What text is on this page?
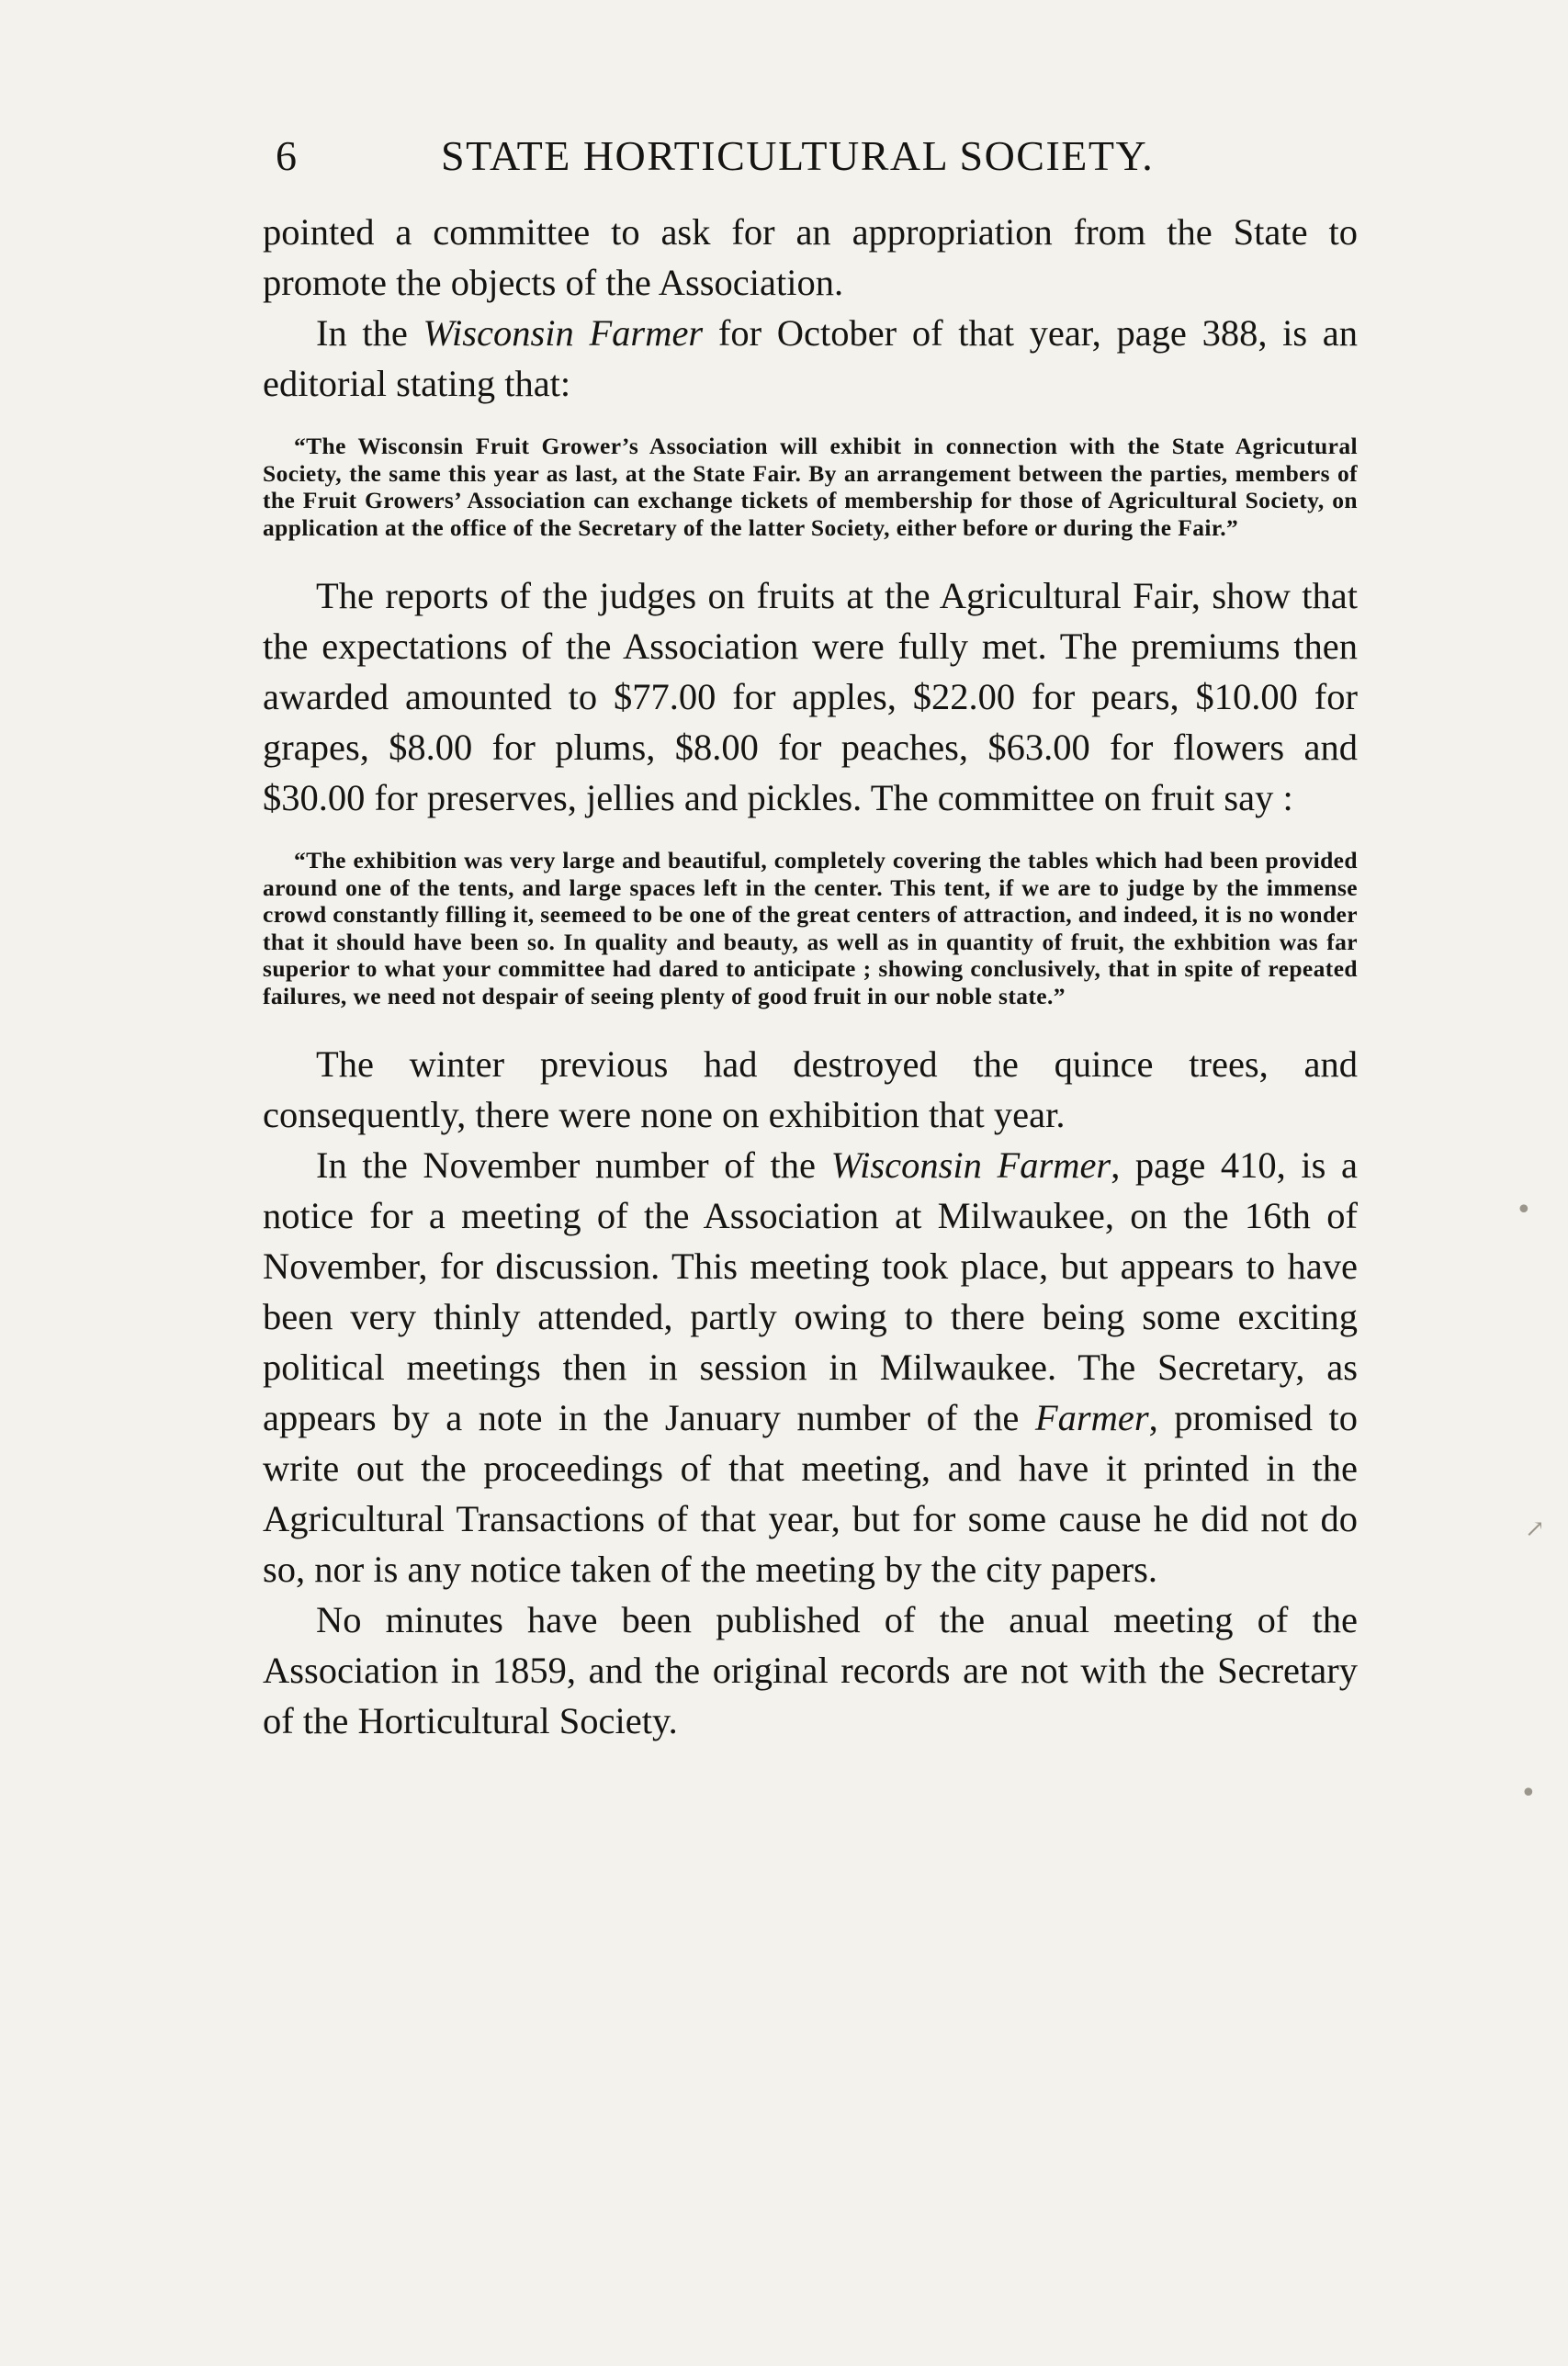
6	STATE HORTICULTURAL SOCIETY.

pointed a committee to ask for an appropriation from the State to promote the objects of the Association.

In the Wisconsin Farmer for October of that year, page 388, is an editorial stating that:

“The Wisconsin Fruit Grower’s Association will exhibit in connection with the State Agricutural Society, the same this year as last, at the State Fair. By an arrangement between the parties, members of the Fruit Growers’ Association can exchange tickets of membership for those of Agricultural Society, on application at the office of the Secretary of the latter Society, either before or during the Fair.”

The reports of the judges on fruits at the Agricultural Fair, show that the expectations of the Association were fully met. The premiums then awarded amounted to $77.00 for apples, $22.00 for pears, $10.00 for grapes, $8.00 for plums, $8.00 for peaches, $63.00 for flowers and $30.00 for preserves, jellies and pickles. The committee on fruit say :

“The exhibition was very large and beautiful, completely covering the tables which had been provided around one of the tents, and large spaces left in the center. This tent, if we are to judge by the immense crowd constantly filling it, seemeed to be one of the great centers of attraction, and indeed, it is no wonder that it should have been so. In quality and beauty, as well as in quantity of fruit, the exhbition was far superior to what your committee had dared to anticipate ; showing conclusively, that in spite of repeated failures, we need not despair of seeing plenty of good fruit in our noble state.”

The winter previous had destroyed the quince trees, and consequently, there were none on exhibition that year.

In the November number of the Wisconsin Farmer, page 410, is a notice for a meeting of the Association at Milwaukee, on the 16th of November, for discussion. This meeting took place, but appears to have been very thinly attended, partly owing to there being some exciting political meetings then in session in Milwaukee. The Secretary, as appears by a note in the January number of the Farmer, promised to write out the proceedings of that meeting, and have it printed in the Agricultural Transactions of that year, but for some cause he did not do so, nor is any notice taken of the meeting by the city papers.

No minutes have been published of the anual meeting of the Association in 1859, and the original records are not with the Secretary of the Horticultural Society.

•
•
↗
